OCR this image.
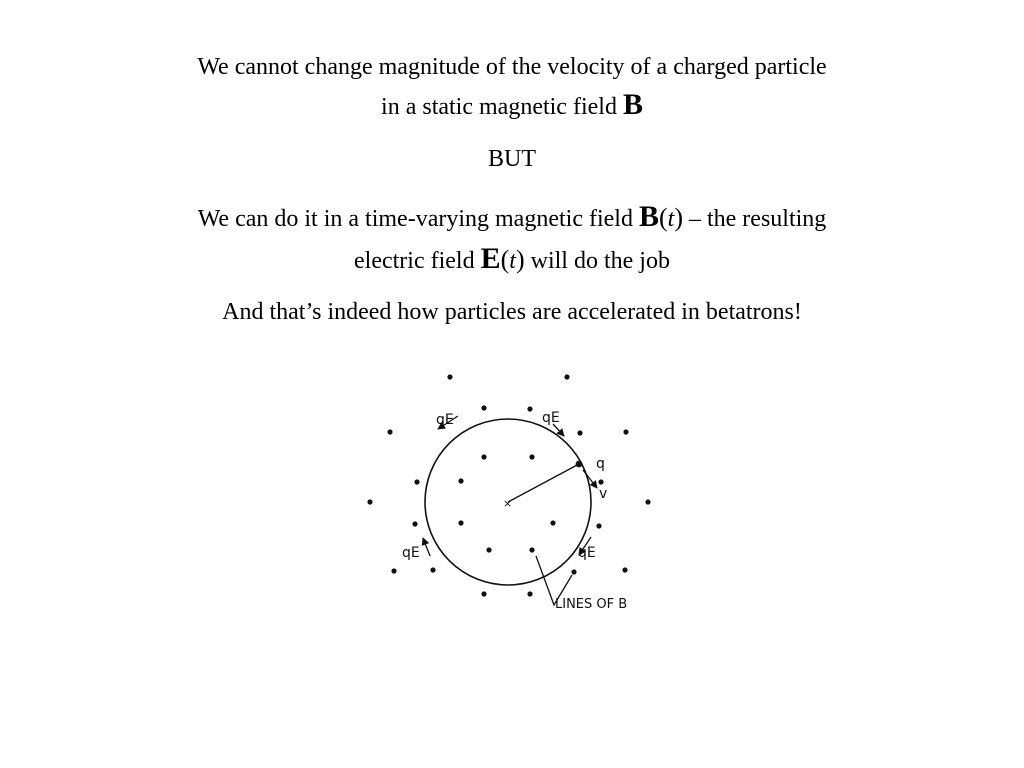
We cannot change magnitude of the velocity of a charged particle
in a static magnetic field B
BUT
We can do it in a time-varying magnetic field B(t) – the resulting
electric field E(t) will do the job
And that’s indeed how particles are accelerated in betatrons!
×
qE	qE
q
v
qE	qE
LINES OF B
